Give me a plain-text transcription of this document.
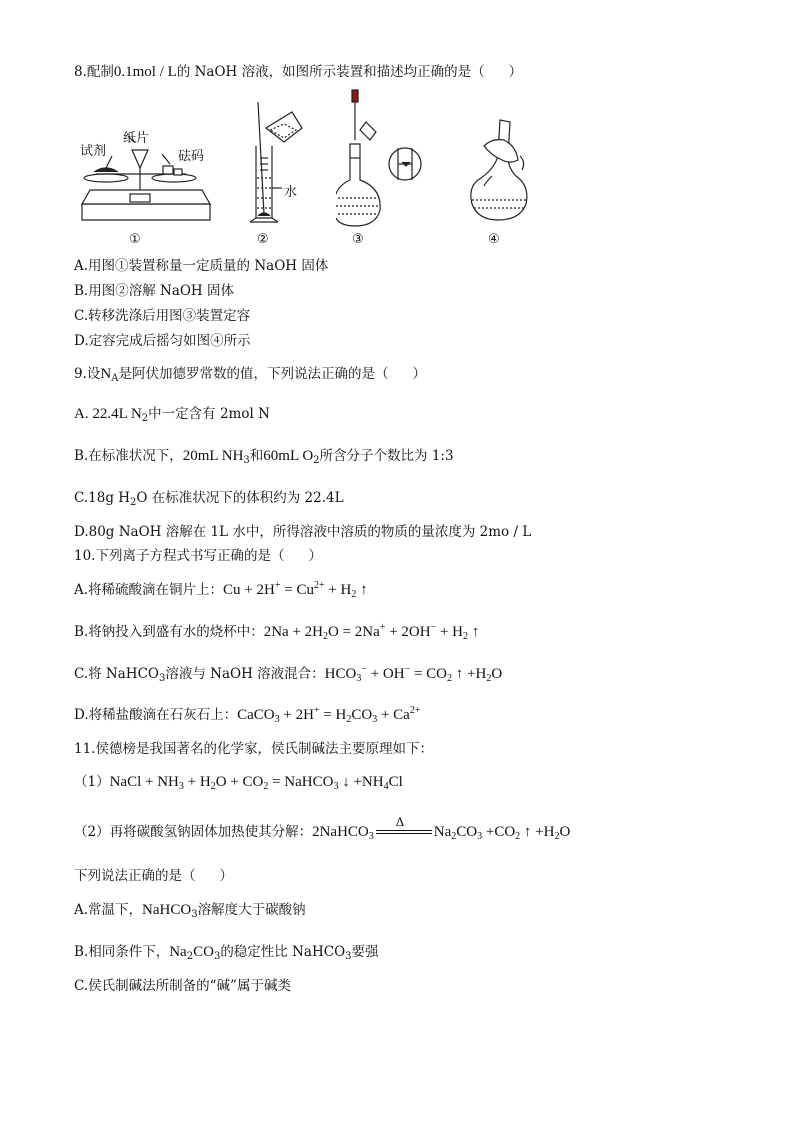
8.配制0.1mol / L的 NaOH 溶液，如图所示装置和描述均正确的是（ ）
试剂
纸片
砝码
①
水
②	③	④
A.用图①装置称量一定质量的 NaOH 固体
B.用图②溶解 NaOH 固体
C.转移洗涤后用图③装置定容
D.定容完成后摇匀如图④所示
9.设$N_A$是阿伏加德罗常数的值，下列说法正确的是（ ）
A. 22.4L $N_2$中一定含有 2mol N
B.在标准状况下，20mL $NH_3$和60mL $O_2$所含分子个数比为 1:3
C.18g $H_2O$ 在标准状况下的体积约为 22.4L
D.80g NaOH 溶解在 1L 水中，所得溶液中溶质的物质的量浓度为 2mo / L
10.下列离子方程式书写正确的是（ ）
A.将稀硫酸滴在铜片上：$Cu + 2H^+ = Cu^{2+} + H_2$ ↑
B.将钠投入到盛有水的烧杯中：$2Na + 2H_2O = 2Na^+ + 2OH^- + H_2$ ↑
C.将 NaHCO$_3$溶液与 NaOH 溶液混合：$HCO_3^- + OH^- = CO_2$ ↑ $+H_2O$
D.将稀盐酸滴在石灰石上：CaCO$_3$ + $2H^+ = H_2CO_3 + Ca^{2+}$
11.侯德榜是我国著名的化学家，侯氏制碱法主要原理如下：
（1）NaCl + $NH_3 + H_2O + CO_2$ = NaHCO$_3$ ↓ $+NH_4Cl$
（2）再将碳酸氢钠固体加热使其分解：2NaHCO$_3$
Δ
$Na_2CO_3 +CO_2$ ↑ $+H_2O$
下列说法正确的是（ ）
A.常温下，NaHCO$_3$溶解度大于碳酸钠
B.相同条件下，$Na_2CO_3$的稳定性比 NaHCO$_3$要强
C.侯氏制碱法所制备的“碱”属于碱类
